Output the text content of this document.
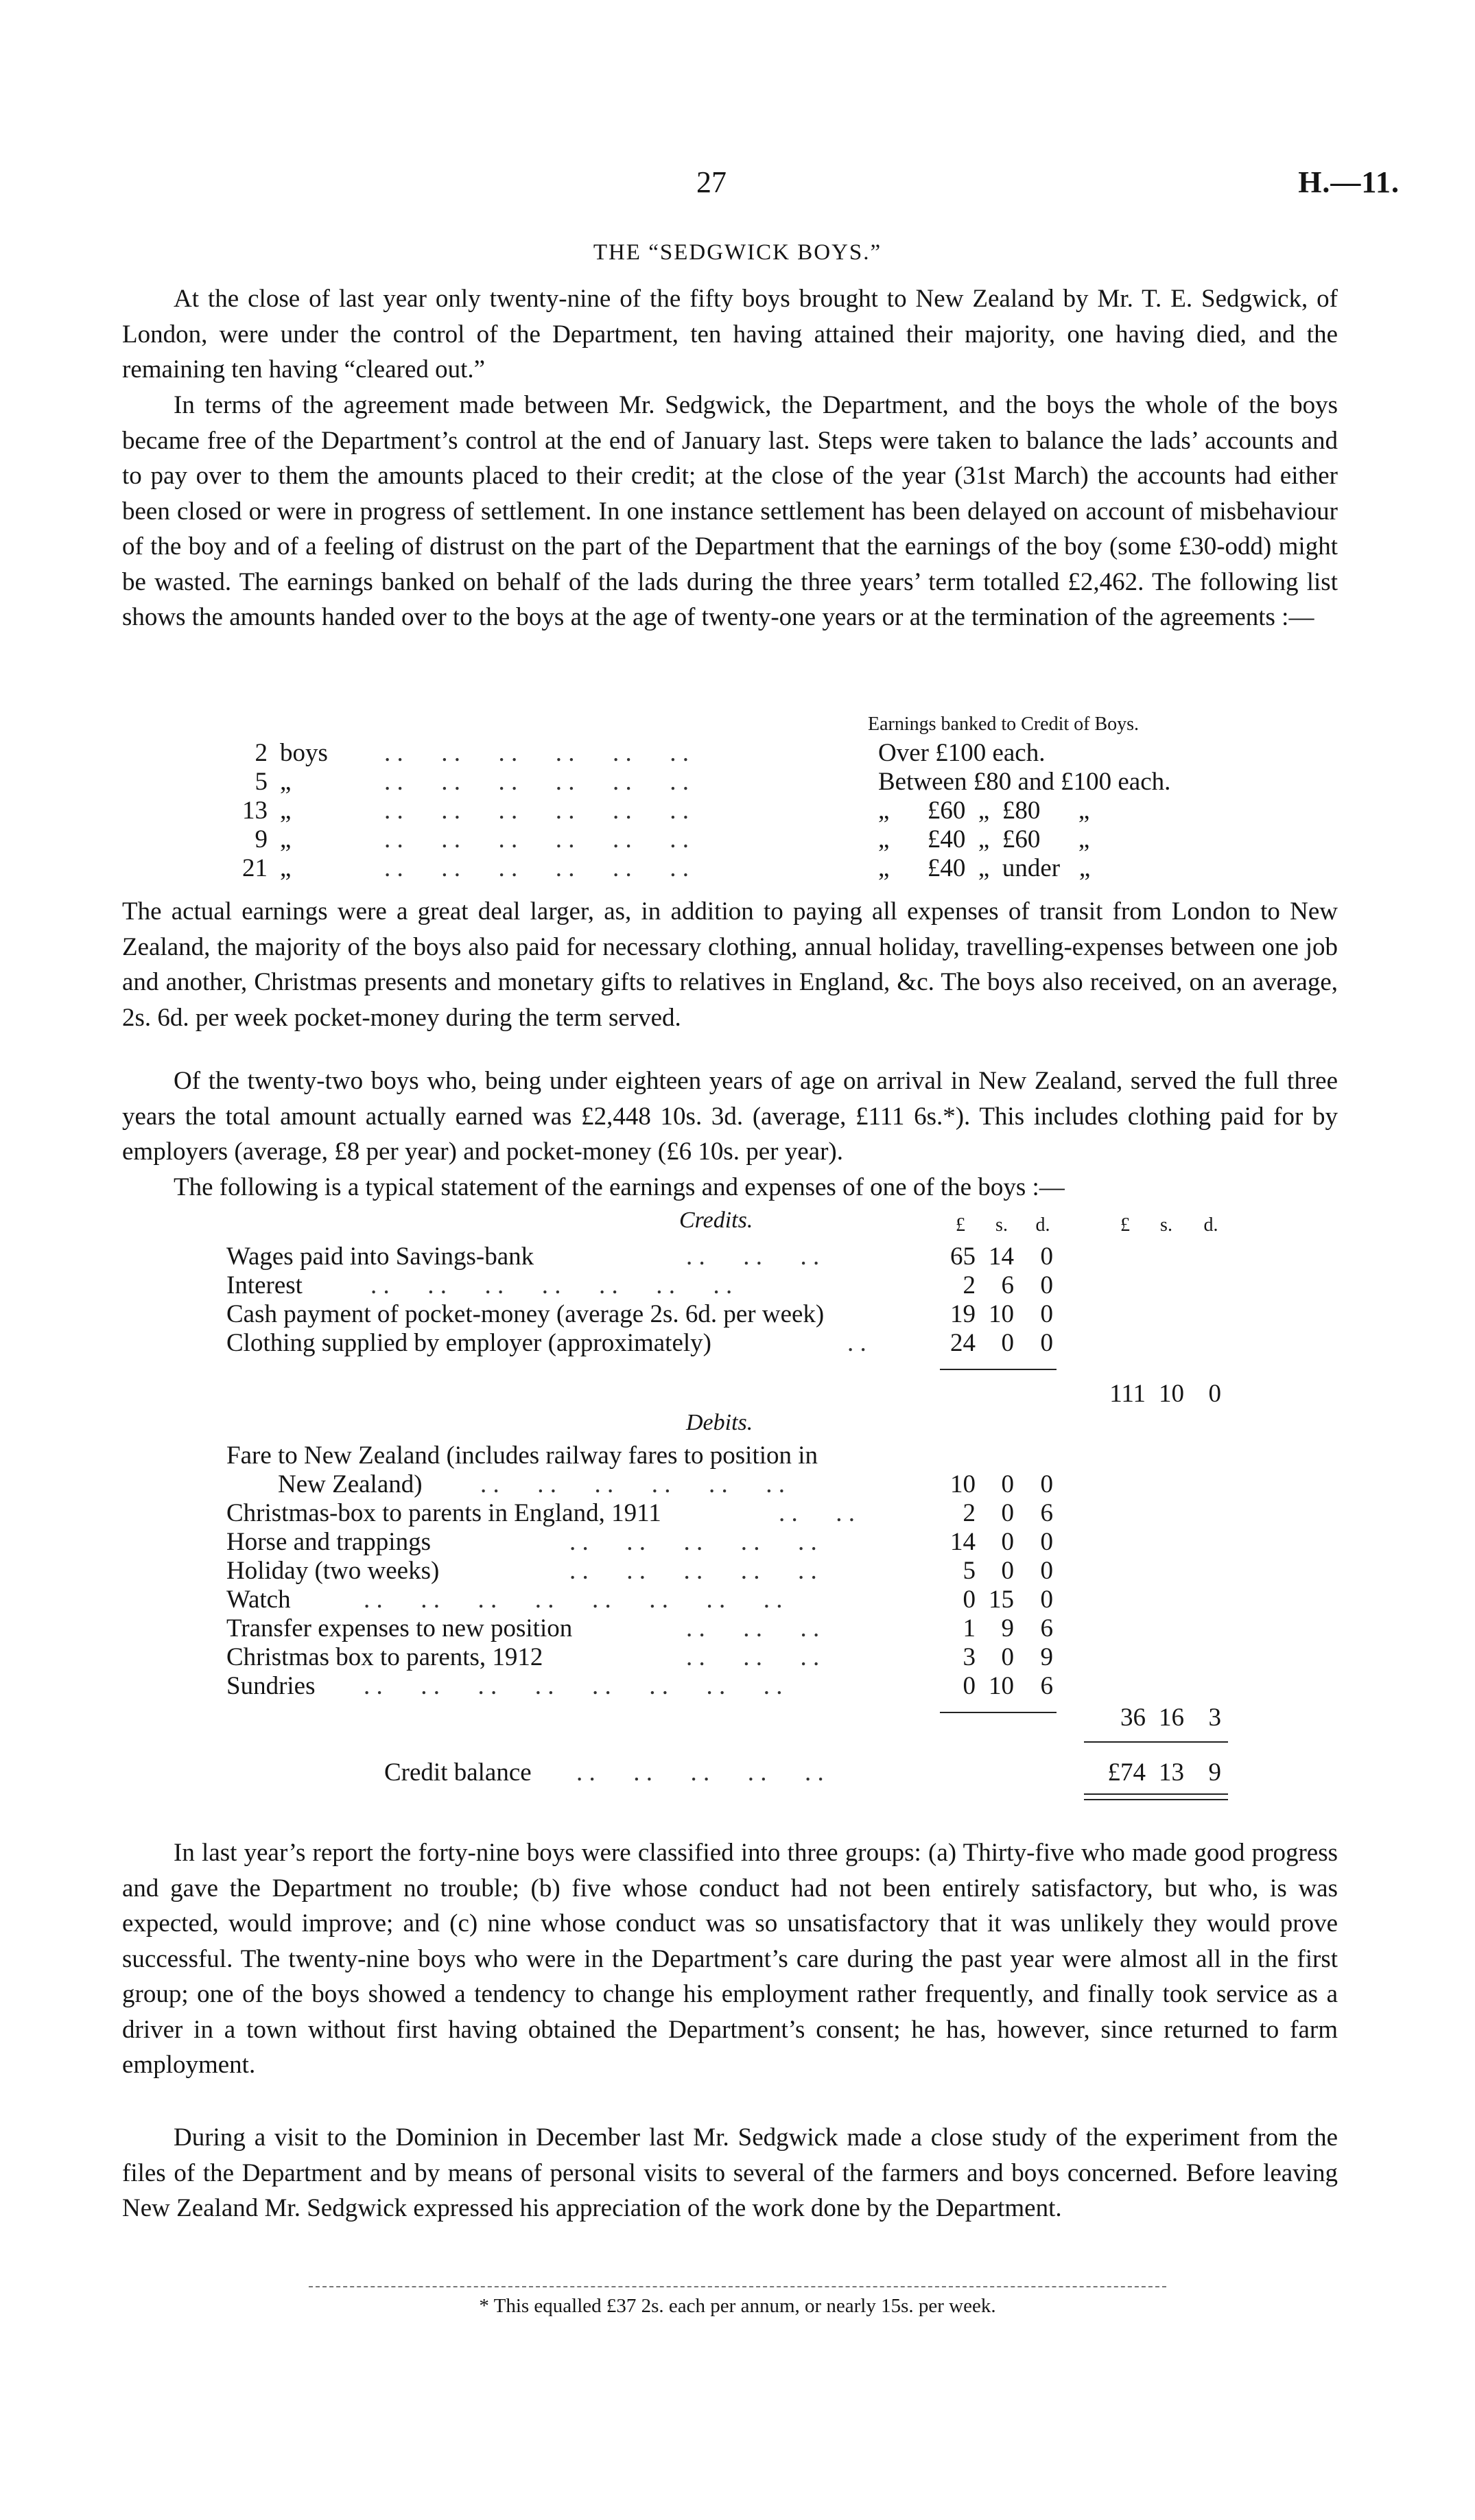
27	H.—11.
THE “SEDGWICK BOYS.”

At the close of last year only twenty-nine of the fifty boys brought to New Zealand by Mr. T. E. Sedgwick, of London, were under the control of the Department, ten having attained their majority, one having died, and the remaining ten having “cleared out.”

In terms of the agreement made between Mr. Sedgwick, the Department, and the boys the whole of the boys became free of the Department’s control at the end of January last. Steps were taken to balance the lads’ accounts and to pay over to them the amounts placed to their credit; at the close of the year (31st March) the accounts had either been closed or were in progress of settlement. In one instance settlement has been delayed on account of misbehaviour of the boy and of a feeling of distrust on the part of the Department that the earnings of the boy (some £30-odd) might be wasted. The earnings banked on behalf of the lads during the three years’ term totalled £2,462. The following list shows the amounts handed over to the boys at the age of twenty-one years or at the termination of the agreements :—

Earnings banked to Credit of Boys.
2 boys . .      . .      . .      . .      . .      . .	Over £100 each.
5 „	. .      . .      . .      . .      . .      . .	Between £80 and £100 each.
13 „	. .      . .      . .      . .      . .      . .	„      £60  „  £80      „
9 „	. .      . .      . .      . .      . .      . .	„      £40  „  £60      „
21 „	. .      . .      . .      . .      . .      . .	„      £40  „  under   „

The actual earnings were a great deal larger, as, in addition to paying all expenses of transit from London to New Zealand, the majority of the boys also paid for necessary clothing, annual holiday, travelling-expenses between one job and another, Christmas presents and monetary gifts to relatives in England, &c. The boys also received, on an average, 2s. 6d. per week pocket-money during the term served.

Of the twenty-two boys who, being under eighteen years of age on arrival in New Zealand, served the full three years the total amount actually earned was £2,448 10s. 3d. (average, £111 6s.*). This includes clothing paid for by employers (average, £8 per year) and pocket-money (£6 10s. per year).

The following is a typical statement of the earnings and expenses of one of the boys :—

Credits.	£	s.	d.	£	s.	d.
Wages paid into Savings-bank	. .      . .      . .	65 14	0
Interest	. .      . .      . .      . .      . .      . .      . .	2	6	0
Cash payment of pocket-money (average 2s. 6d. per week)	19 10	0
Clothing supplied by employer (approximately)	. .	24	0	0
111 10 0
Debits.
Fare to New Zealand (includes railway fares to position in
New Zealand) . .      . .      . .      . .      . .      . .	10	0	0
Christmas-box to parents in England, 1911	. .      . .	2	0	6
Horse and trappings	. .      . .      . .      . .      . .	14	0	0
Holiday (two weeks)	. .      . .      . .      . .      . .	5	0	0
Watch	. .      . .      . .      . .      . .      . .      . .      . .	0 15	0
Transfer expenses to new position	. .      . .      . .	1	9	6
Christmas box to parents, 1912	. .      . .      . .	3	0	9
Sundries . .      . .      . .      . .      . .      . .      . .      . .	0 10	6
36 16 3
Credit balance . .      . .      . .      . .      . .	£74 13 9

In last year’s report the forty-nine boys were classified into three groups: (a) Thirty-five who made good progress and gave the Department no trouble; (b) five whose conduct had not been entirely satisfactory, but who, is was expected, would improve; and (c) nine whose conduct was so unsatisfactory that it was unlikely they would prove successful. The twenty-nine boys who were in the Department’s care during the past year were almost all in the first group; one of the boys showed a tendency to change his employment rather frequently, and finally took service as a driver in a town without first having obtained the Department’s consent; he has, however, since returned to farm employment.

During a visit to the Dominion in December last Mr. Sedgwick made a close study of the experiment from the files of the Department and by means of personal visits to several of the farmers and boys concerned. Before leaving New Zealand Mr. Sedgwick expressed his appreciation of the work done by the Department.

* This equalled £37 2s. each per annum, or nearly 15s. per week.
